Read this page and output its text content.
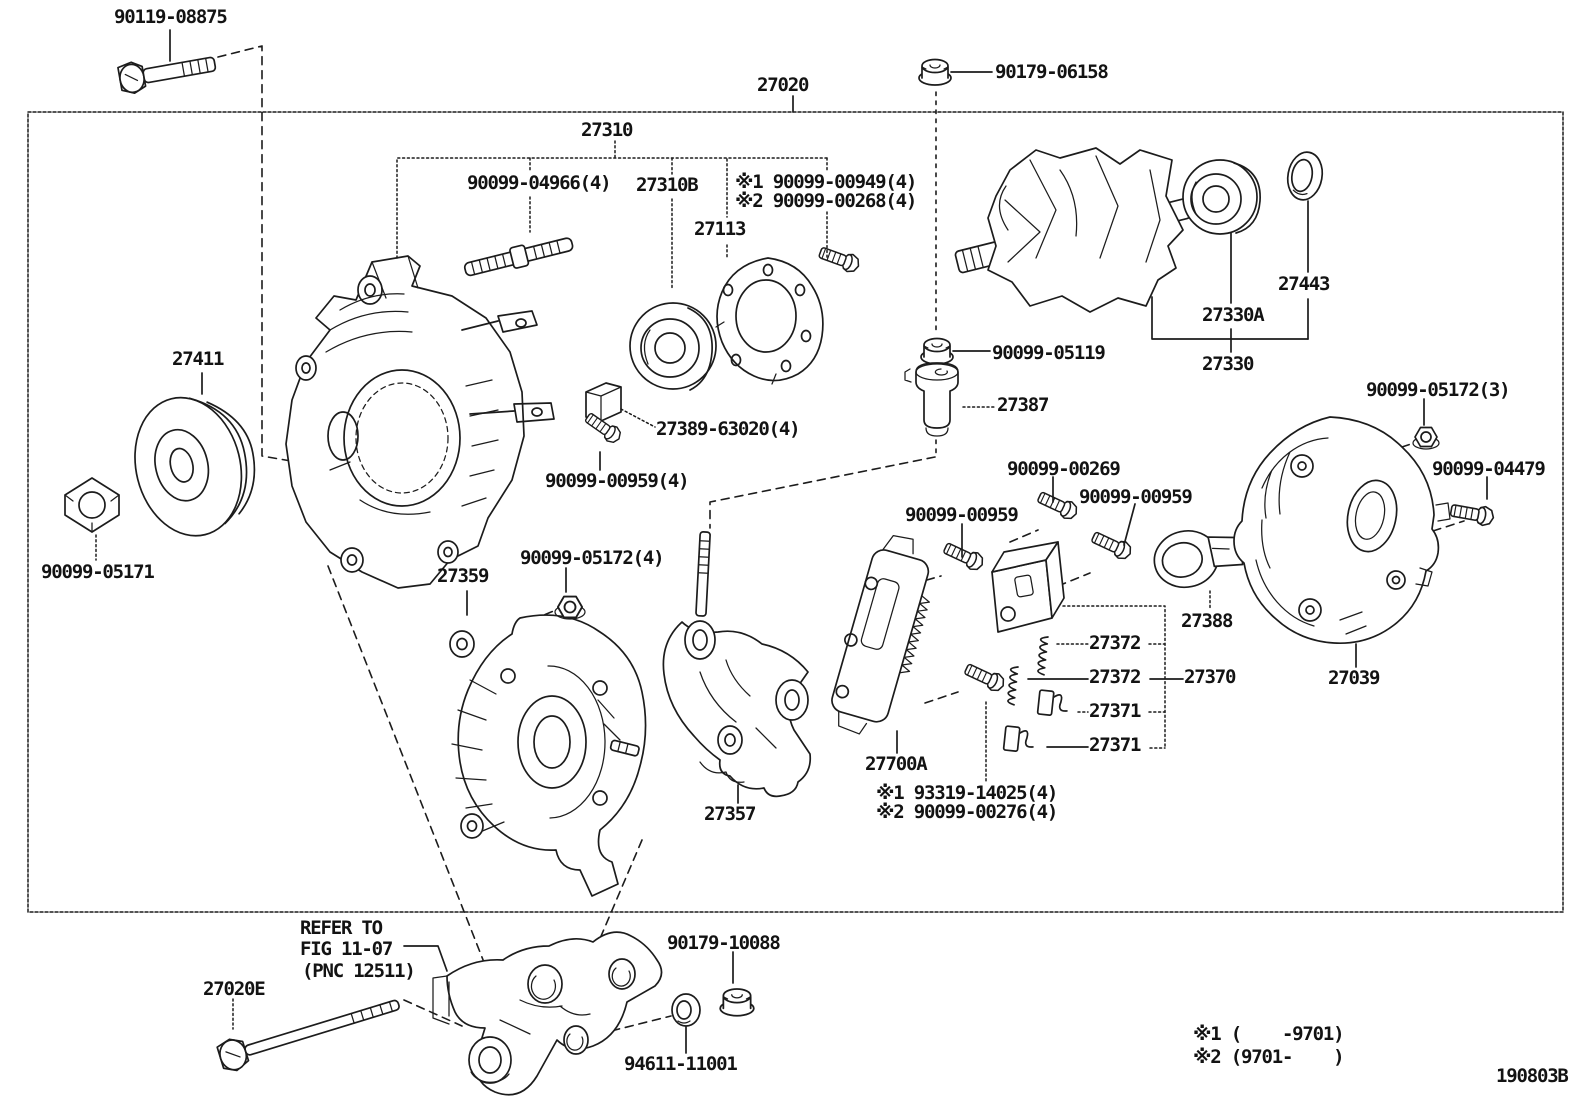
90119-08875
27020
90179-06158
27310
90099-04966(4) 27310B ※1 90099-00949(4)
※2 90099-00268(4)
27113
27411
90099-05171
27389-63020(4)
90099-00959(4)
90099-05119
27387
27330A
27443
27330
90099-05172(3)
90099-04479
27039
27359
90099-05172(4)
90099-00269
90099-00959
90099-00959
27388
27372
27372 27370
27371
27371
27700A
※1 93319-14025(4)
※2 90099-00276(4)
27357
REFER TO
FIG 11-07
(PNC 12511)
27020E
90179-10088
94611-11001
※1 (    -9701)
※2 (9701-    )
190803B
